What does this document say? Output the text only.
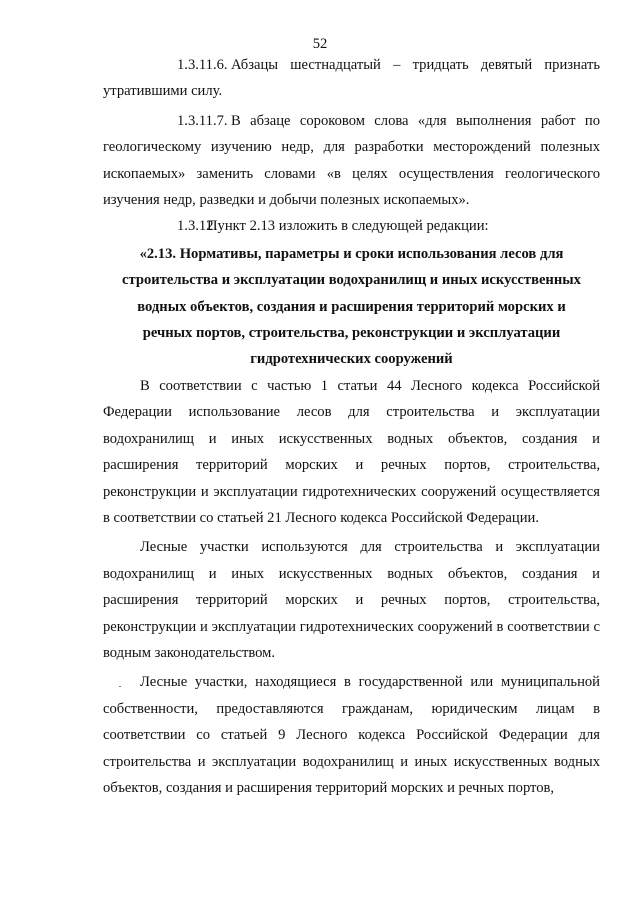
52

1.3.11.6. Абзацы шестнадцатый – тридцать девятый признать утратившими силу.

1.3.11.7. В абзаце сороковом слова «для выполнения работ по геологическому изучению недр, для разработки месторождений полезных ископаемых» заменить словами «в целях осуществления геологического изучения недр, разведки и добычи полезных ископаемых».

1.3.12.Пункт 2.13 изложить в следующей редакции:

«2.13. Нормативы, параметры и сроки использования лесов для
строительства и эксплуатации водохранилищ и иных искусственных
водных объектов, создания и расширения территорий морских и
речных портов, строительства, реконструкции и эксплуатации
гидротехнических сооружений

В соответствии с частью 1 статьи 44 Лесного кодекса Российской Федерации использование лесов для строительства и эксплуатации водохранилищ и иных искусственных водных объектов, создания и расширения территорий морских и речных портов, строительства, реконструкции и эксплуатации гидротехнических сооружений осуществляется в соответствии со статьей 21 Лесного кодекса Российской Федерации.

Лесные участки используются для строительства и эксплуатации водохранилищ и иных искусственных водных объектов, создания и расширения территорий морских и речных портов, строительства, реконструкции и эксплуатации гидротехнических сооружений в соответствии с водным законодательством.

Лесные участки, находящиеся в государственной или муниципальной собственности, предоставляются гражданам, юридическим лицам в соответствии со статьей 9 Лесного кодекса Российской Федерации для строительства и эксплуатации водохранилищ и иных искусственных водных объектов, создания и расширения территорий морских и речных портов,
